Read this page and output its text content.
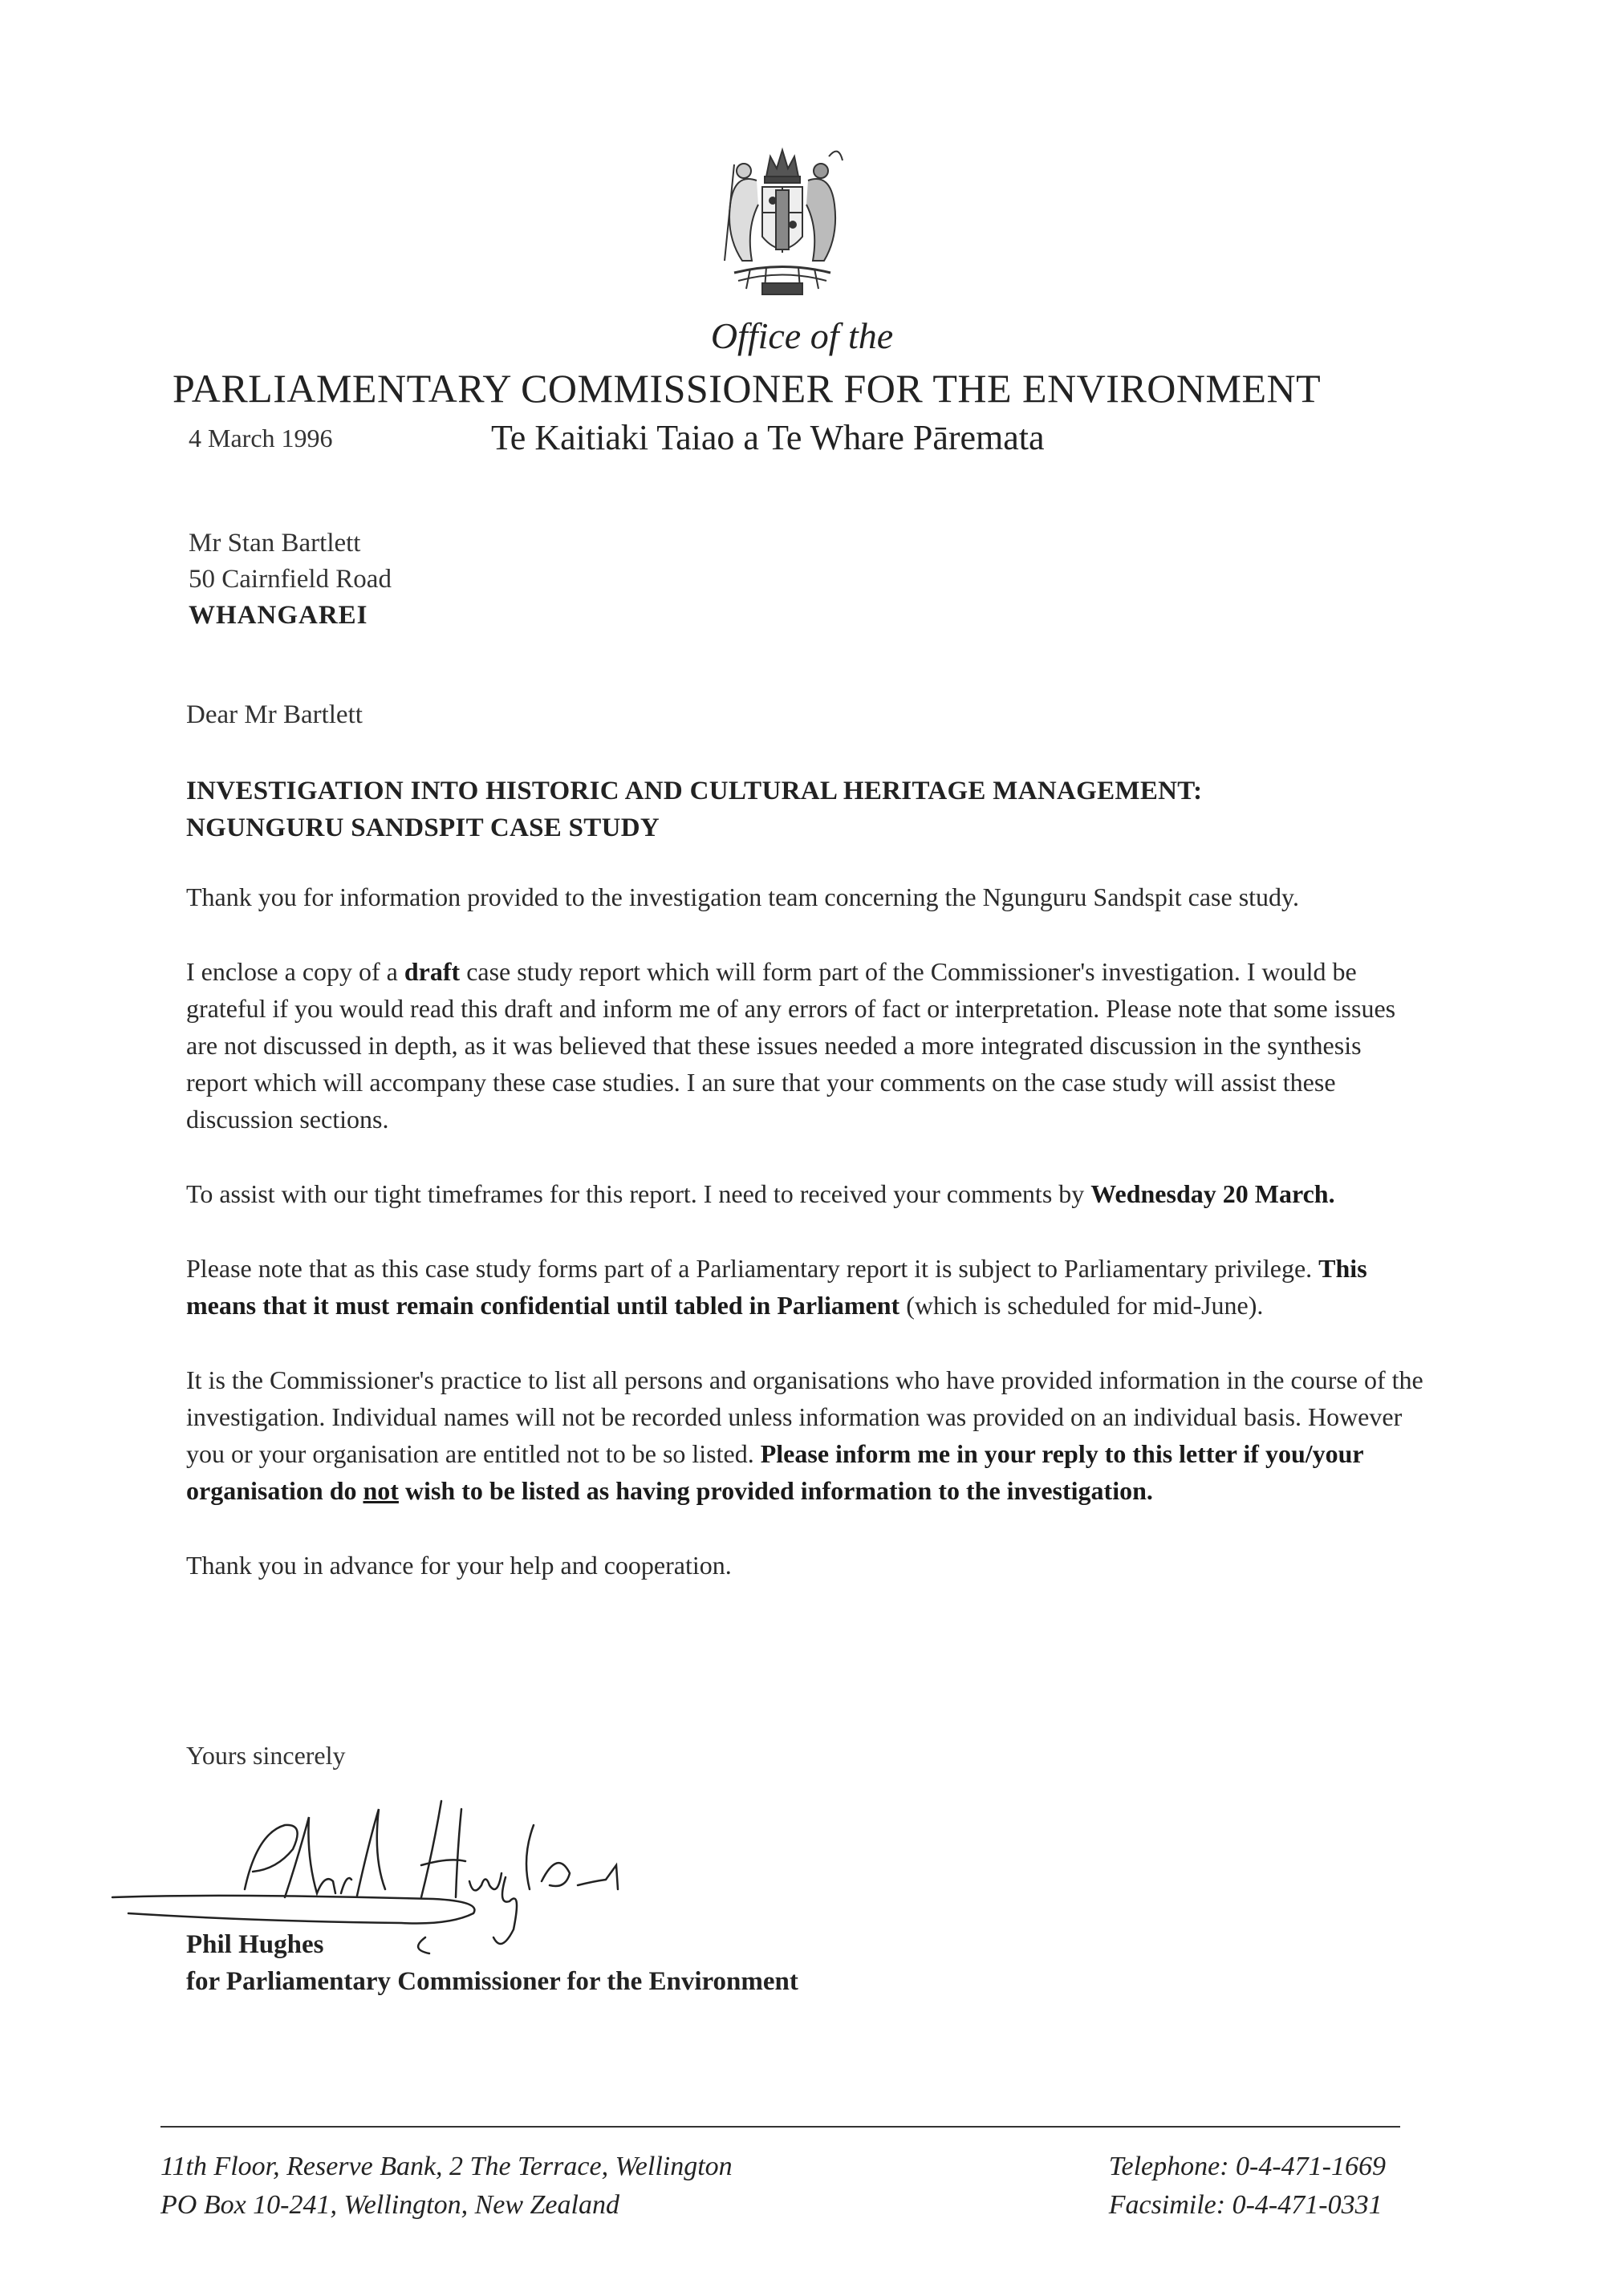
Office of the
PARLIAMENTARY COMMISSIONER FOR THE ENVIRONMENT
4 March 1996	Te Kaitiaki Taiao a Te Whare Pāremata
Mr Stan Bartlett
50 Cairnfield Road
WHANGAREI
Dear Mr Bartlett
INVESTIGATION INTO HISTORIC AND CULTURAL HERITAGE MANAGEMENT:
NGUNGURU SANDSPIT CASE STUDY

Thank you for information provided to the investigation team concerning the Ngunguru Sandspit case study.

I enclose a copy of a draft case study report which will form part of the Commissioner's investigation. I would be grateful if you would read this draft and inform me of any errors of fact or interpretation. Please note that some issues are not discussed in depth, as it was believed that these issues needed a more integrated discussion in the synthesis report which will accompany these case studies. I an sure that your comments on the case study will assist these discussion sections.

To assist with our tight timeframes for this report. I need to received your comments by Wednesday 20 March.

Please note that as this case study forms part of a Parliamentary report it is subject to Parliamentary privilege. This means that it must remain confidential until tabled in Parliament (which is scheduled for mid-June).

It is the Commissioner's practice to list all persons and organisations who have provided information in the course of the investigation. Individual names will not be recorded unless information was provided on an individual basis. However you or your organisation are entitled not to be so listed. Please inform me in your reply to this letter if you/your organisation do not wish to be listed as having provided information to the investigation.

Thank you in advance for your help and cooperation.

Yours sincerely
Phil Hughes
for Parliamentary Commissioner for the Environment
11th Floor, Reserve Bank, 2 The Terrace, Wellington
PO Box 10-241, Wellington, New Zealand
Telephone: 0-4-471-1669
Facsimile: 0-4-471-0331
